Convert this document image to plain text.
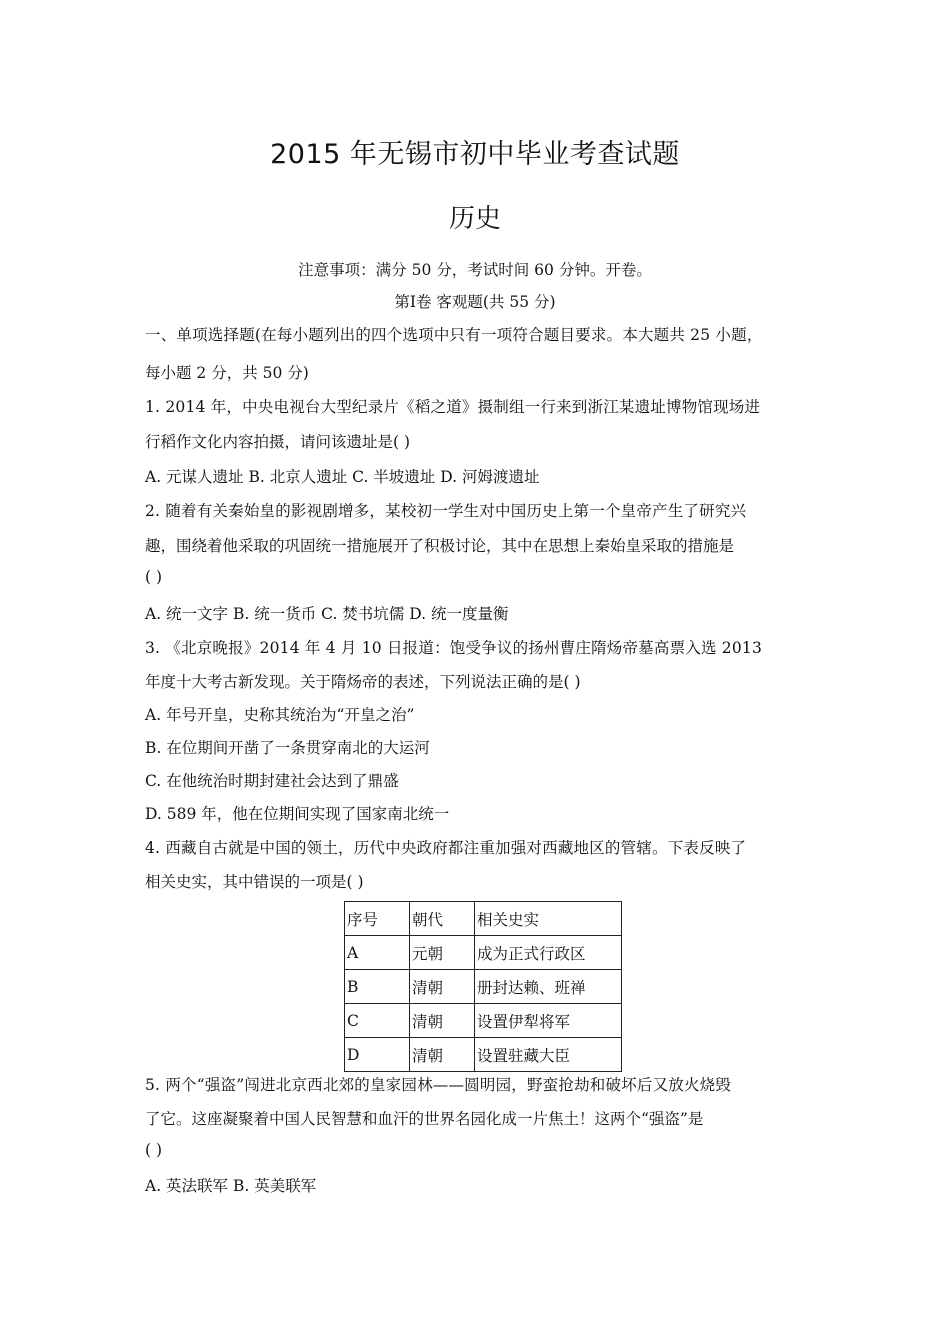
2015 年无锡市初中毕业考查试题
历史
注意事项：满分 50 分，考试时间 60 分钟。开卷。
第Ⅰ卷 客观题(共 55 分)
一、单项选择题(在每小题列出的四个选项中只有一项符合题目要求。本大题共 25 小题，
每小题 2 分，共 50 分)
1. 2014 年，中央电视台大型纪录片《稻之道》摄制组一行来到浙江某遗址博物馆现场进
行稻作文化内容拍摄，请问该遗址是( )
A. 元谋人遗址 B. 北京人遗址 C. 半坡遗址 D. 河姆渡遗址
2. 随着有关秦始皇的影视剧增多，某校初一学生对中国历史上第一个皇帝产生了研究兴
趣，围绕着他采取的巩固统一措施展开了积极讨论，其中在思想上秦始皇采取的措施是
( )
A. 统一文字 B. 统一货币 C. 焚书坑儒 D. 统一度量衡
3. 《北京晚报》2014 年 4 月 10 日报道：饱受争议的扬州曹庄隋炀帝墓高票入选 2013
年度十大考古新发现。关于隋炀帝的表述，下列说法正确的是( )
A. 年号开皇，史称其统治为“开皇之治”
B. 在位期间开凿了一条贯穿南北的大运河
C. 在他统治时期封建社会达到了鼎盛
D. 589 年，他在位期间实现了国家南北统一
4. 西藏自古就是中国的领土，历代中央政府都注重加强对西藏地区的管辖。下表反映了
相关史实，其中错误的一项是( )
序号	朝代	相关史实
A	元朝	成为正式行政区
B	清朝	册封达赖、班禅
C	清朝	设置伊犁将军
D	清朝	设置驻藏大臣
5. 两个“强盗”闯进北京西北郊的皇家园林——圆明园，野蛮抢劫和破坏后又放火烧毁
了它。这座凝聚着中国人民智慧和血汗的世界名园化成一片焦土！这两个“强盗”是
( )
A. 英法联军 B. 英美联军
